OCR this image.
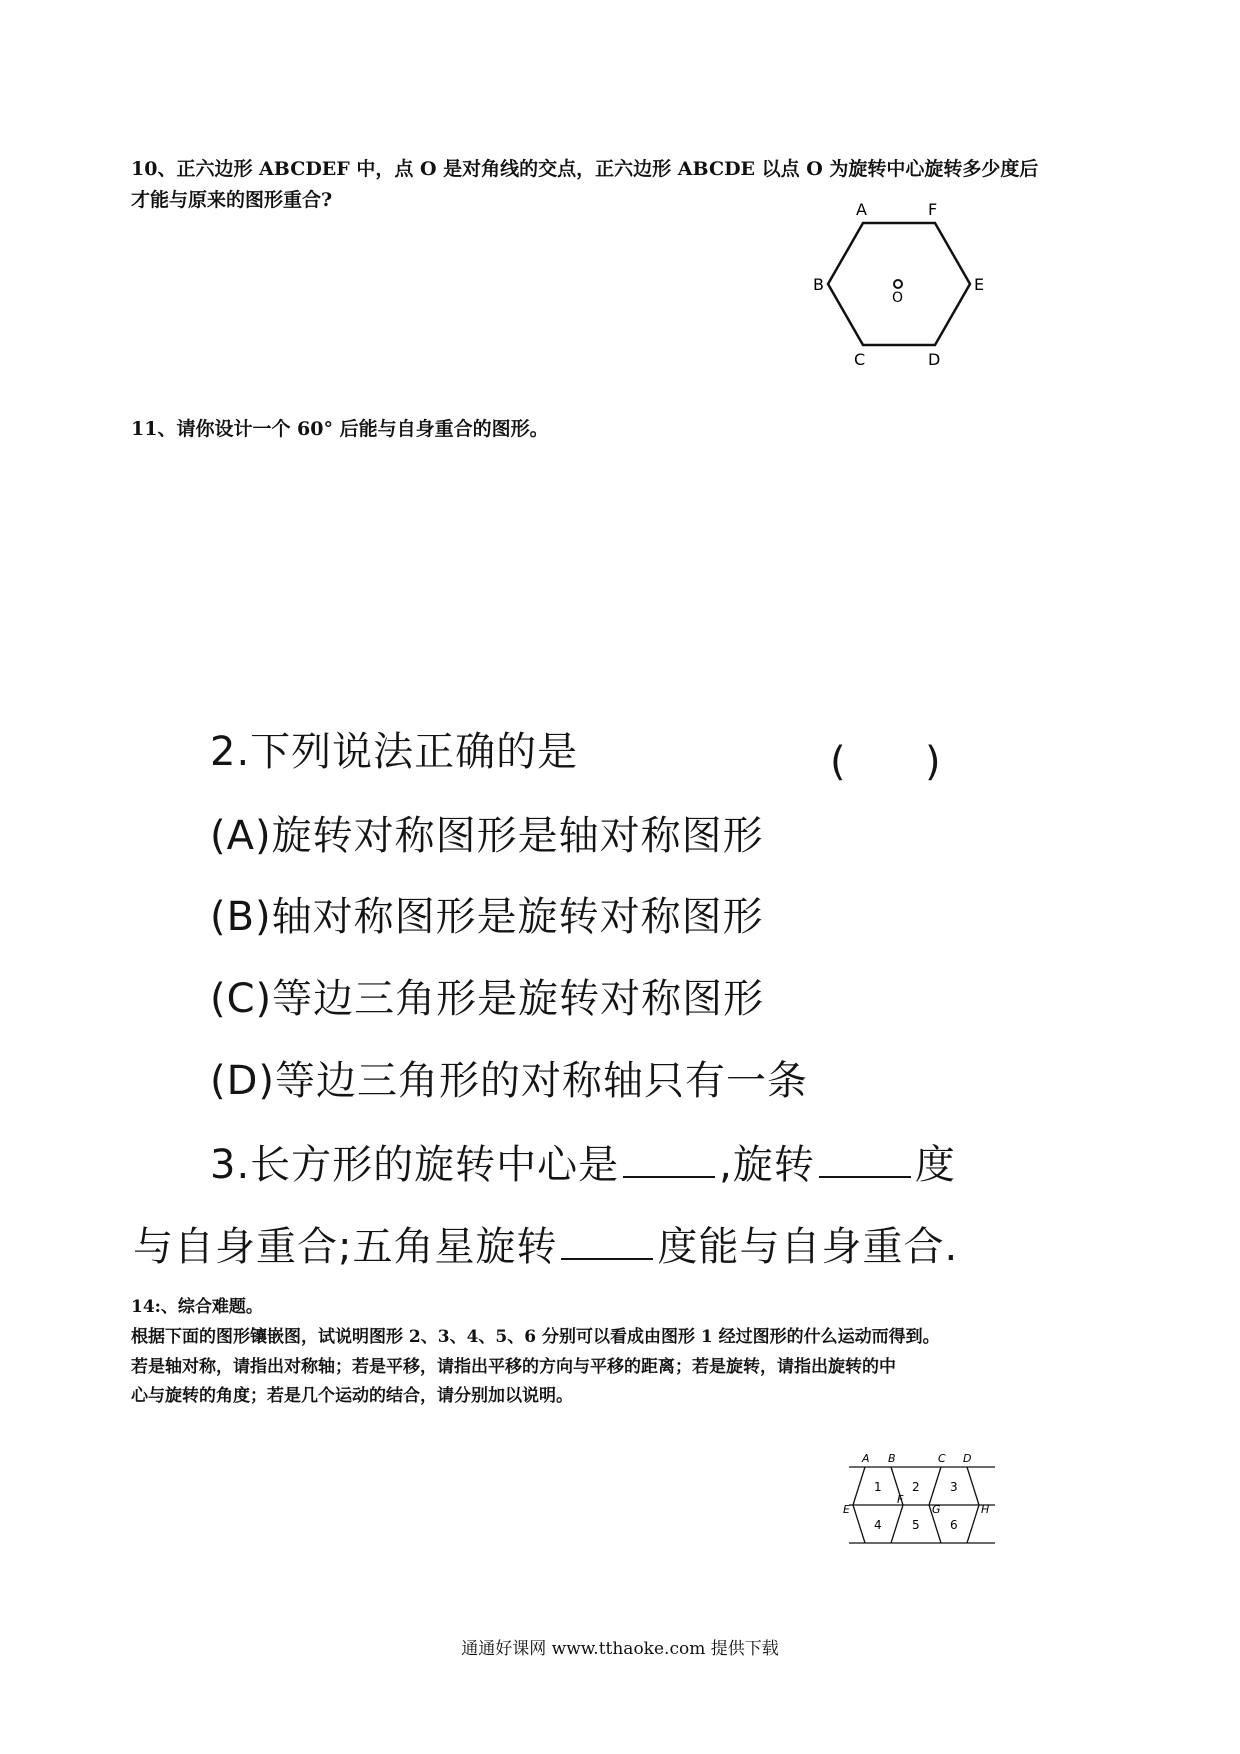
10、正六边形 ABCDEF 中，点 O 是对角线的交点，正六边形 ABCDE 以点 O 为旋转中心旋转多少度后

才能与原来的图形重合?	A	F
B	E
C	D
O

11、请你设计一个 60° 后能与自身重合的图形。

2.下列说法正确的是	( )

(A)旋转对称图形是轴对称图形

(B)轴对称图形是旋转对称图形

(C)等边三角形是旋转对称图形

(D)等边三角形的对称轴只有一条

3.长方形的旋转中心是	,旋转	度

与自身重合;五角星旋转	度能与自身重合.

14:、综合难题。

根据下面的图形镶嵌图，试说明图形 2、3、4、5、6 分别可以看成由图形 1 经过图形的什么运动而得到。

若是轴对称，请指出对称轴；若是平移，请指出平移的方向与平移的距离；若是旋转，请指出旋转的中

心与旋转的角度；若是几个运动的结合，请分别加以说明。

A B	C D
E
F
G	H
1	2	3
4	5	6
通通好课网 www.tthaoke.com 提供下载
